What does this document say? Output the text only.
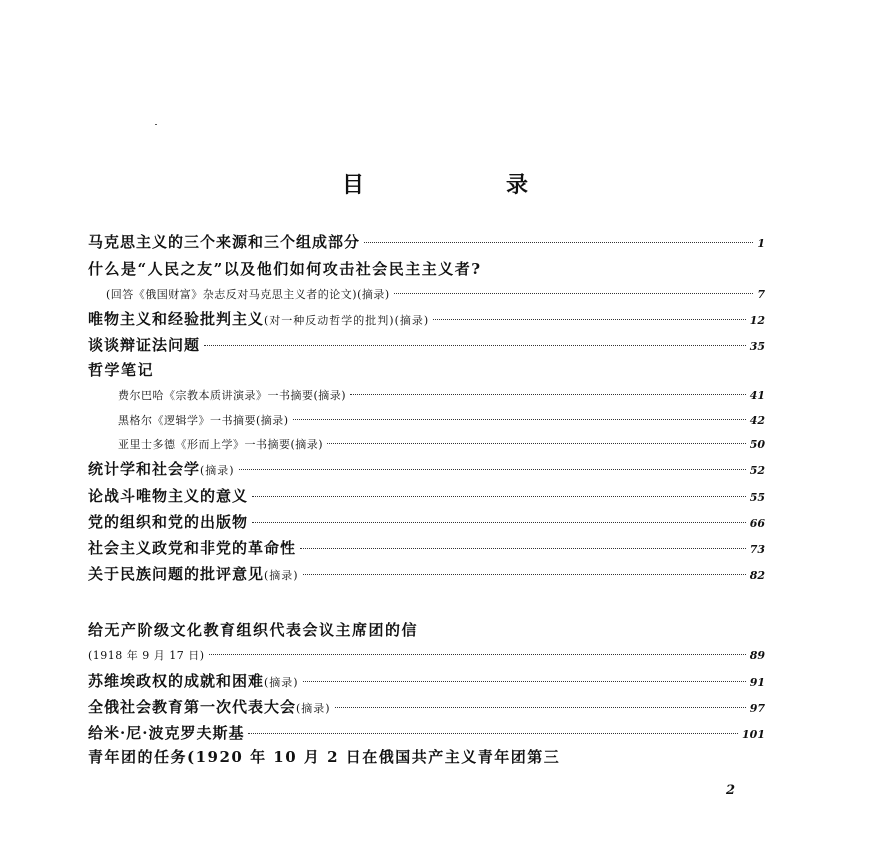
目　录
马克思主义的三个来源和三个组成部分	1
什么是“人民之友”以及他们如何攻击社会民主主义者?
(回答《俄国财富》杂志反对马克思主义者的论文)(摘录)	7
唯物主义和经验批判主义(对一种反动哲学的批判)(摘录)	12
谈谈辩证法问题	35
哲学笔记
费尔巴哈《宗教本质讲演录》一书摘要(摘录)	41
黑格尔《逻辑学》一书摘要(摘录)	42
亚里士多德《形而上学》一书摘要(摘录)	50
统计学和社会学(摘录)	52
论战斗唯物主义的意义	55
党的组织和党的出版物	66
社会主义政党和非党的革命性	73
关于民族问题的批评意见(摘录)	82
给无产阶级文化教育组织代表会议主席团的信
(1918 年 9 月 17 日)	89
苏维埃政权的成就和困难(摘录)	91
全俄社会教育第一次代表大会(摘录)	97
给米·尼·波克罗夫斯基	101
青年团的任务(1920 年 10 月 2 日在俄国共产主义青年团第三
2
